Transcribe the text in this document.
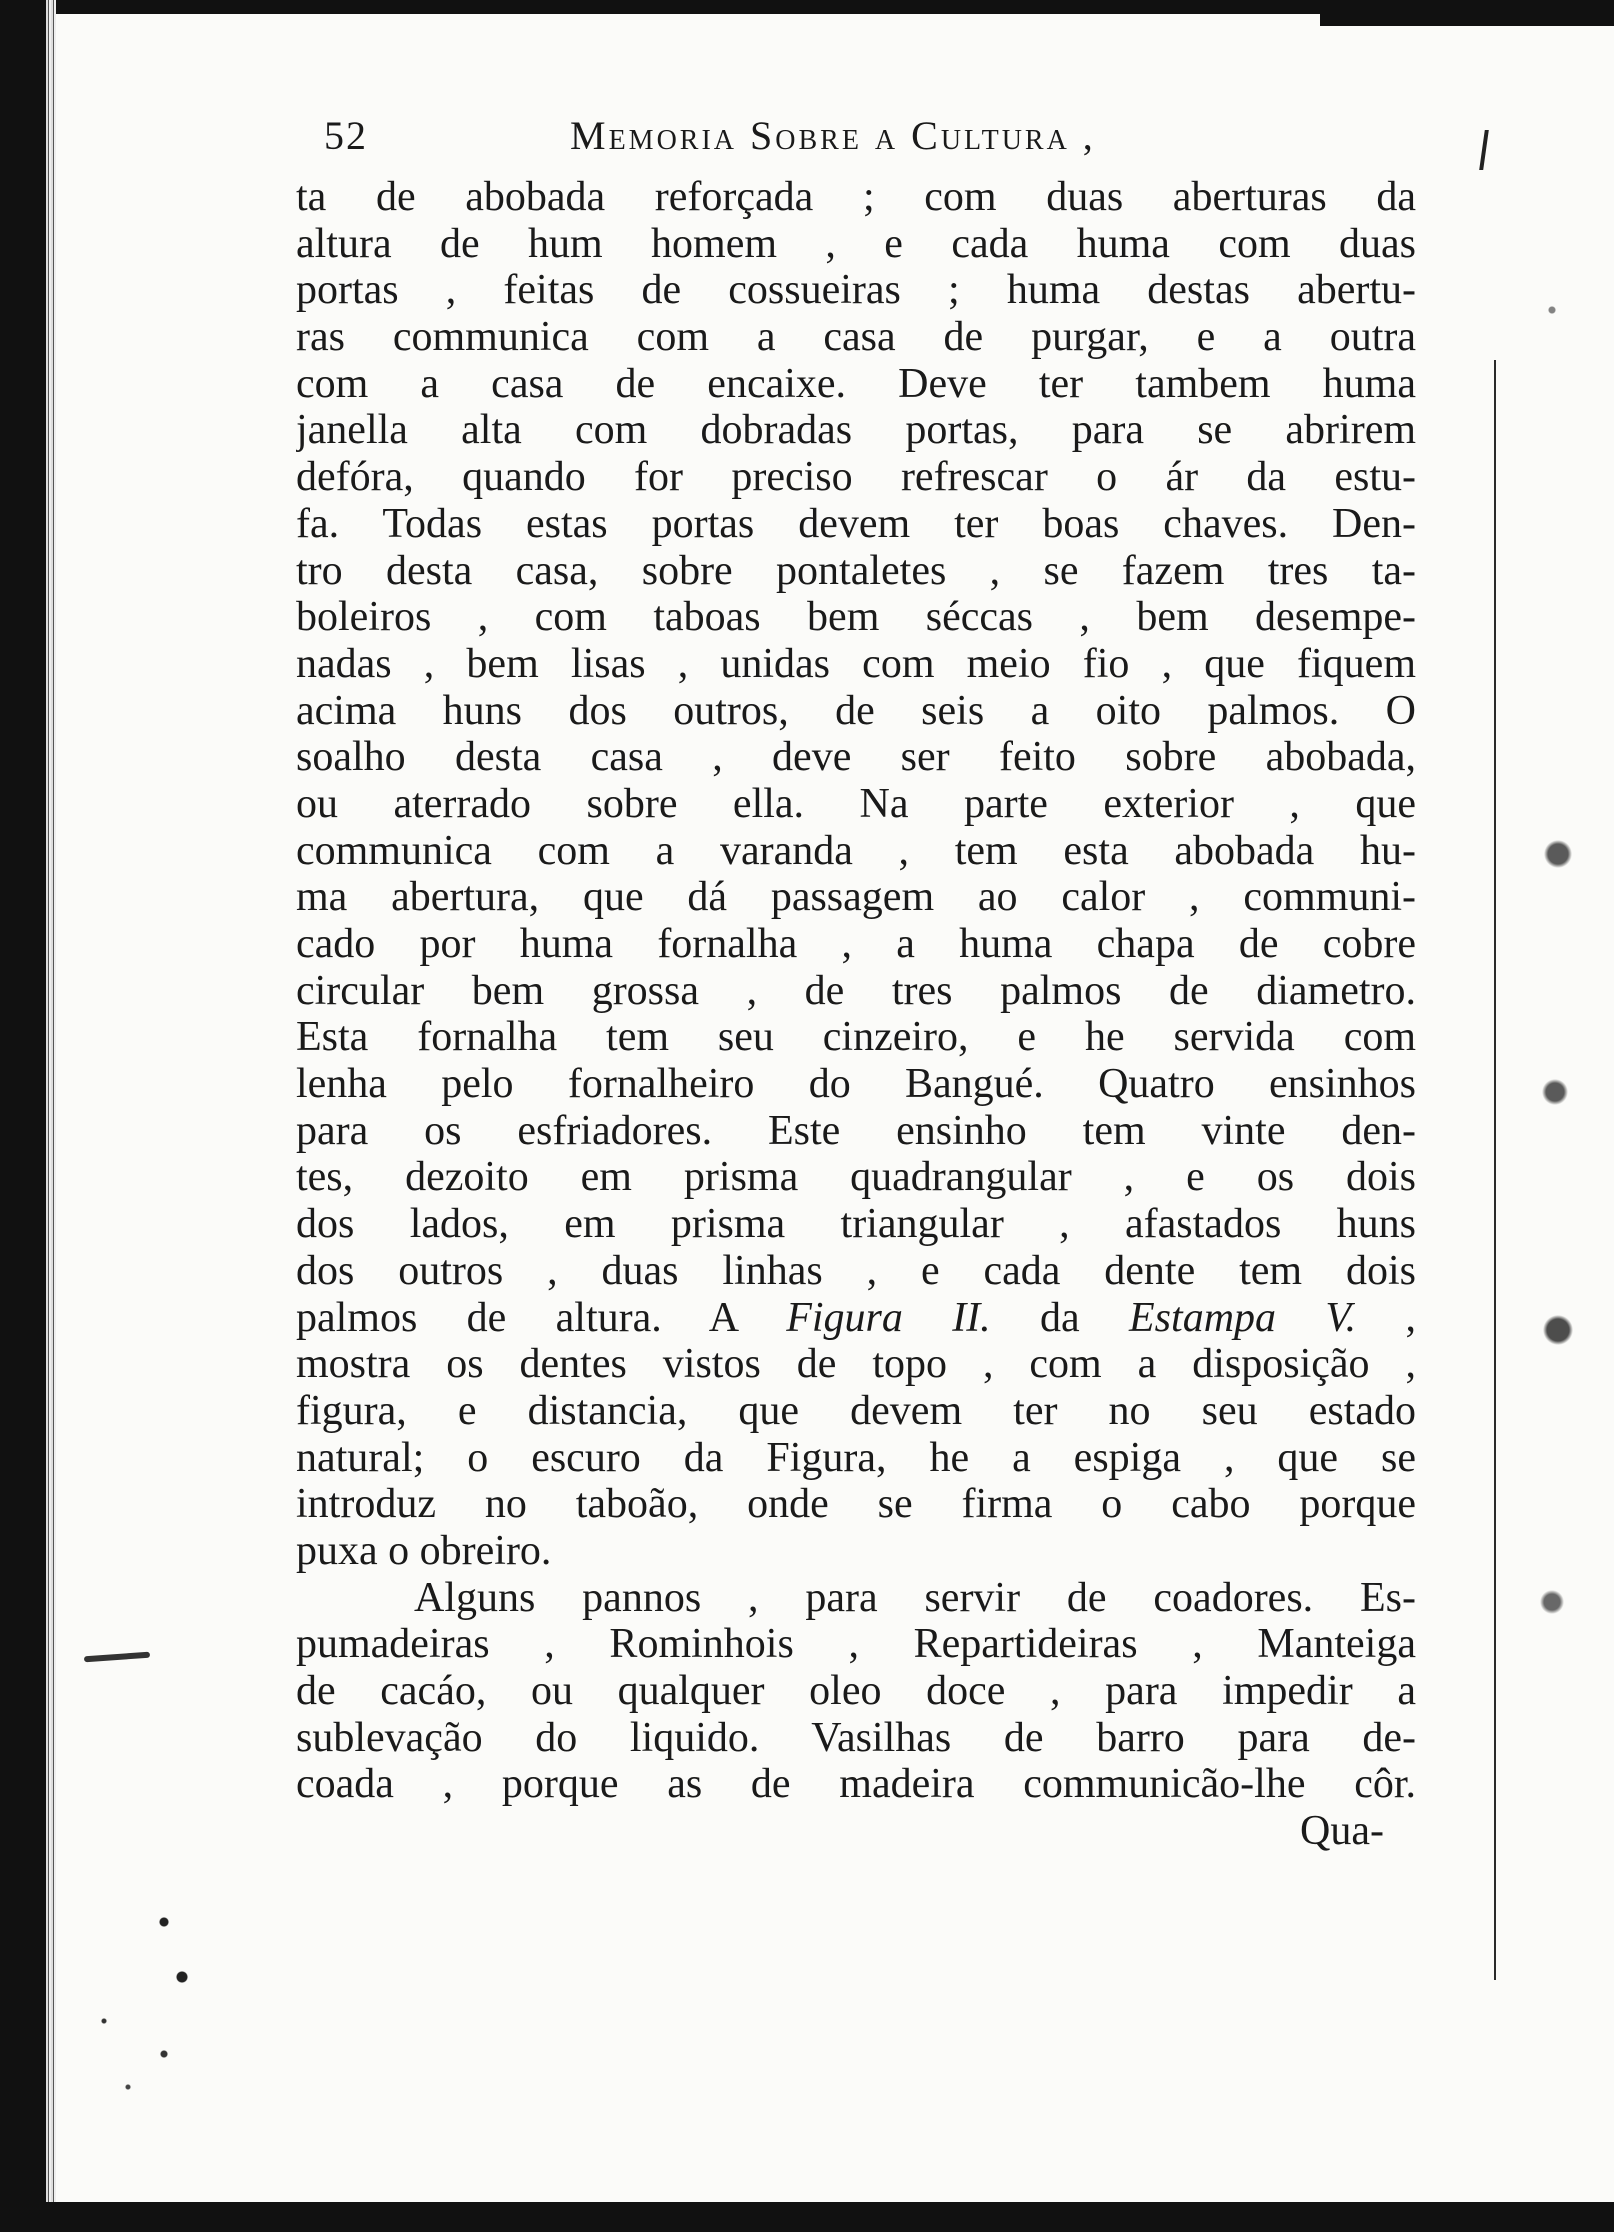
52	Memoria Sobre a Cultura ,
ta de abobada reforçada ; com duas aberturas da
altura de hum homem , e cada huma com duas
portas , feitas de cossueiras ; huma destas abertu-
ras communica com a casa de purgar, e a outra
com a casa de encaixe. Deve ter tambem huma
janella alta com dobradas portas, para se abrirem
defóra, quando for preciso refrescar o ár da estu-
fa. Todas estas portas devem ter boas chaves. Den-
tro desta casa, sobre pontaletes , se fazem tres ta-
boleiros , com taboas bem séccas , bem desempe-
nadas , bem lisas , unidas com meio fio , que fiquem
acima huns dos outros, de seis a oito palmos. O
soalho desta casa , deve ser feito sobre abobada,
ou aterrado sobre ella. Na parte exterior , que
communica com a varanda , tem esta abobada hu-
ma abertura, que dá passagem ao calor , communi-
cado por huma fornalha , a huma chapa de cobre
circular bem grossa , de tres palmos de diametro.
Esta fornalha tem seu cinzeiro, e he servida com
lenha pelo fornalheiro do Bangué. Quatro ensinhos
para os esfriadores. Este ensinho tem vinte den-
tes, dezoito em prisma quadrangular , e os dois
dos lados, em prisma triangular , afastados huns
dos outros , duas linhas , e cada dente tem dois
palmos de altura. A Figura II. da Estampa V. ,
mostra os dentes vistos de topo , com a disposição ,
figura, e distancia, que devem ter no seu estado
natural; o escuro da Figura, he a espiga , que se
introduz no taboão, onde se firma o cabo porque
puxa o obreiro.
Alguns pannos , para servir de coadores. Es-
pumadeiras , Rominhois , Repartideiras , Manteiga
de cacáo, ou qualquer oleo doce , para impedir a
sublevação do liquido. Vasilhas de barro para de-
coada , porque as de madeira communicão-lhe côr.
Qua-
